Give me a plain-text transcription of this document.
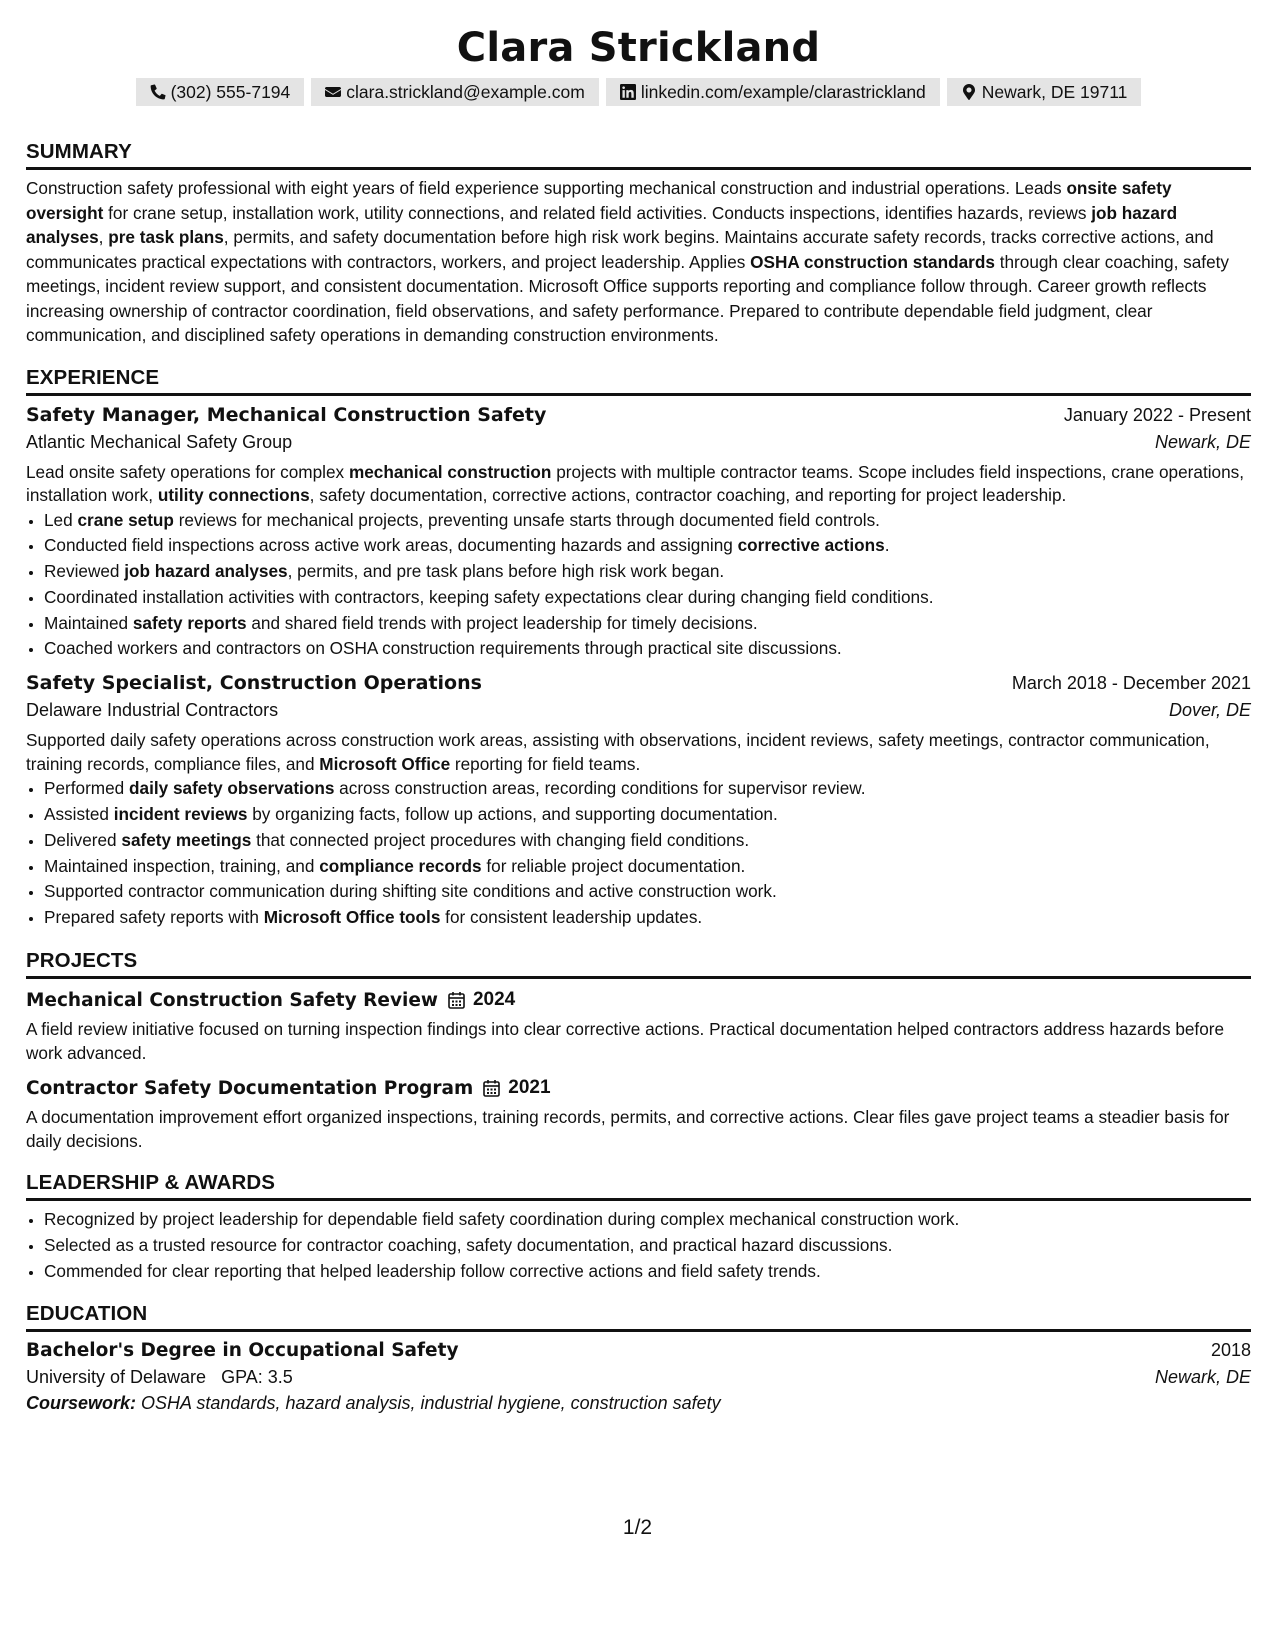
Clara Strickland
(302) 555-7194	clara.strickland@example.com	linkedin.com/example/clarastrickland	Newark, DE 19711
SUMMARY

Construction safety professional with eight years of field experience supporting mechanical construction and industrial operations. Leads onsite safety oversight for crane setup, installation work, utility connections, and related field activities. Conducts inspections, identifies hazards, reviews job hazard analyses, pre task plans, permits, and safety documentation before high risk work begins. Maintains accurate safety records, tracks corrective actions, and communicates practical expectations with contractors, workers, and project leadership. Applies OSHA construction standards through clear coaching, safety meetings, incident review support, and consistent documentation. Microsoft Office supports reporting and compliance follow through. Career growth reflects increasing ownership of contractor coordination, field observations, and safety performance. Prepared to contribute dependable field judgment, clear communication, and disciplined safety operations in demanding construction environments.

EXPERIENCE
Safety Manager, Mechanical Construction Safety	January 2022 - Present
Atlantic Mechanical Safety Group	Newark, DE
Lead onsite safety operations for complex mechanical construction projects with multiple contractor teams. Scope includes field inspections, crane operations, installation work, utility connections, safety documentation, corrective actions, contractor coaching, and reporting for project leadership.
• Led crane setup reviews for mechanical projects, preventing unsafe starts through documented field controls.
• Conducted field inspections across active work areas, documenting hazards and assigning corrective actions.
• Reviewed job hazard analyses, permits, and pre task plans before high risk work began.
• Coordinated installation activities with contractors, keeping safety expectations clear during changing field conditions.
• Maintained safety reports and shared field trends with project leadership for timely decisions.
• Coached workers and contractors on OSHA construction requirements through practical site discussions.
Safety Specialist, Construction Operations	March 2018 - December 2021
Delaware Industrial Contractors	Dover, DE
Supported daily safety operations across construction work areas, assisting with observations, incident reviews, safety meetings, contractor communication, training records, compliance files, and Microsoft Office reporting for field teams.
• Performed daily safety observations across construction areas, recording conditions for supervisor review.
• Assisted incident reviews by organizing facts, follow up actions, and supporting documentation.
• Delivered safety meetings that connected project procedures with changing field conditions.
• Maintained inspection, training, and compliance records for reliable project documentation.
• Supported contractor communication during shifting site conditions and active construction work.
• Prepared safety reports with Microsoft Office tools for consistent leadership updates.
PROJECTS
Mechanical Construction Safety Review 2024
A field review initiative focused on turning inspection findings into clear corrective actions. Practical documentation helped contractors address hazards before work advanced.
Contractor Safety Documentation Program 2021
A documentation improvement effort organized inspections, training records, permits, and corrective actions. Clear files gave project teams a steadier basis for daily decisions.
LEADERSHIP & AWARDS
• Recognized by project leadership for dependable field safety coordination during complex mechanical construction work.
• Selected as a trusted resource for contractor coaching, safety documentation, and practical hazard discussions.
• Commended for clear reporting that helped leadership follow corrective actions and field safety trends.
EDUCATION
Bachelor's Degree in Occupational Safety	2018
University of Delaware GPA: 3.5	Newark, DE
Coursework: OSHA standards, hazard analysis, industrial hygiene, construction safety
1/2
